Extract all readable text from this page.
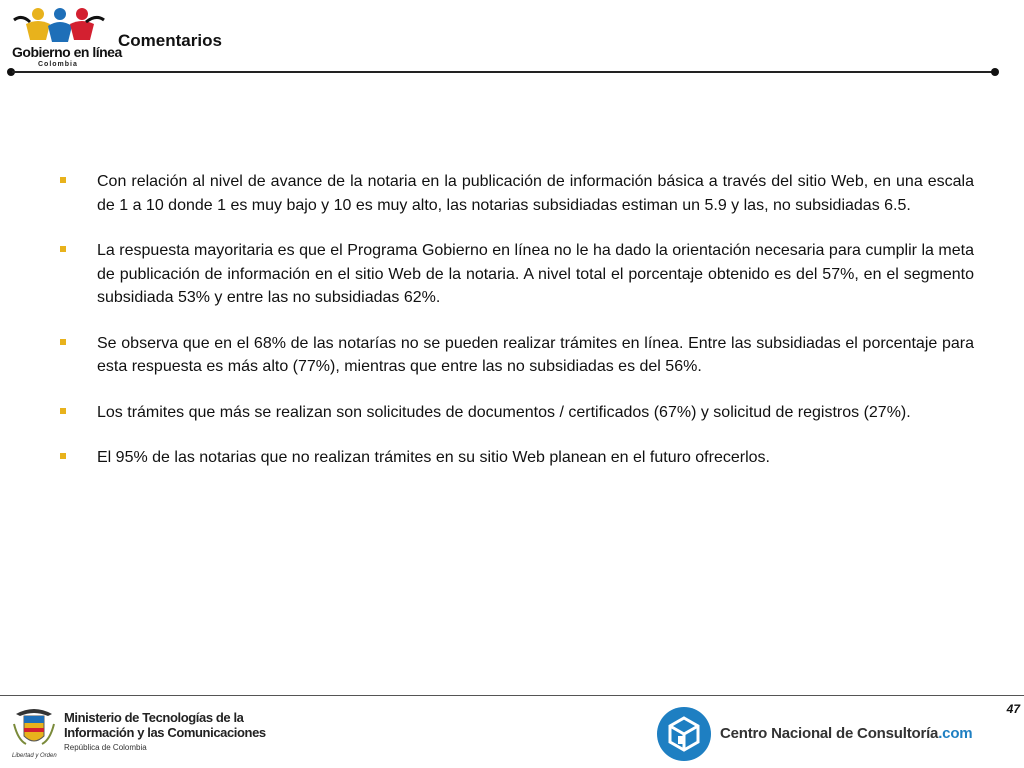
Gobierno en línea
Colombia
Comentarios
Con relación al nivel de avance de la notaria en la publicación de información básica a través del sitio Web, en una escala de 1 a 10 donde 1 es muy bajo y 10 es muy alto, las notarias subsidiadas estiman un 5.9 y las, no subsidiadas 6.5.
La respuesta mayoritaria es que el Programa Gobierno en línea no le ha dado la orientación necesaria para cumplir la meta de publicación de información en el sitio Web de la notaria. A nivel total el porcentaje obtenido es del 57%, en el segmento subsidiada 53% y entre las no subsidiadas 62%.
Se observa que en el 68% de las notarías no se pueden realizar trámites en línea. Entre las subsidiadas el porcentaje para esta respuesta es más alto (77%), mientras que entre las no subsidiadas es del 56%.
Los trámites que más se realizan son solicitudes de documentos / certificados (67%) y solicitud de registros (27%).
El 95% de las notarias que no realizan trámites en su sitio Web planean en el futuro ofrecerlos.
47
Ministerio de Tecnologías de la
Información y las Comunicaciones
República de Colombia
Libertad y Orden
Centro Nacional de Consultoría.com
